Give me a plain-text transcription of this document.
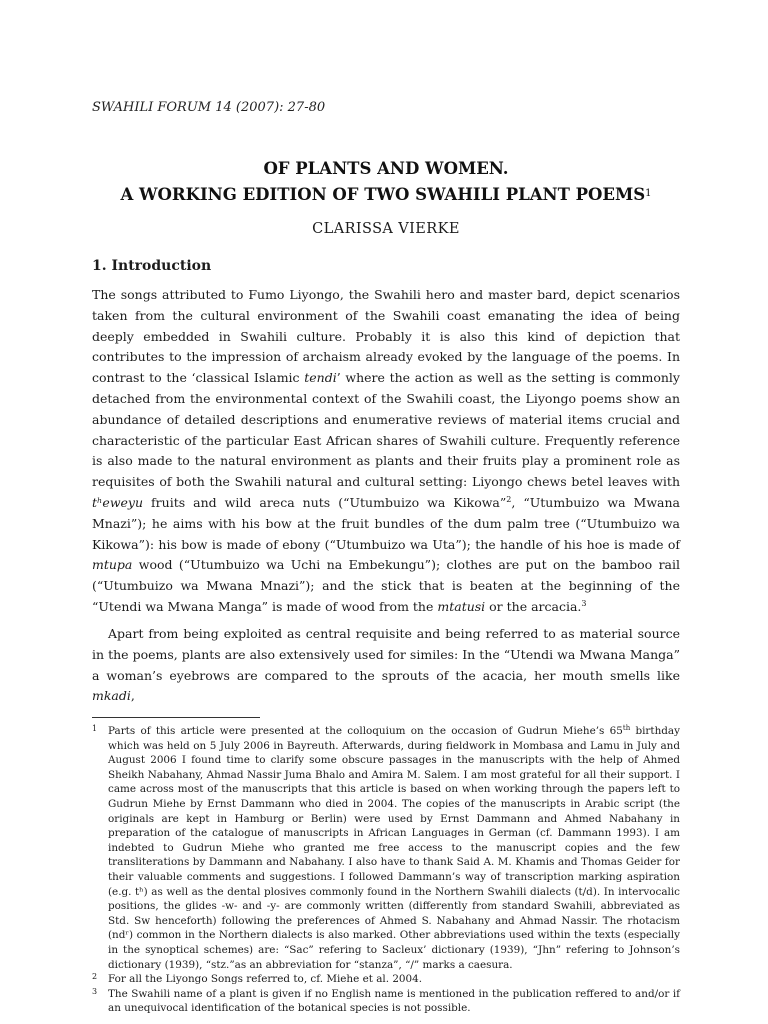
SWAHILI FORUM 14 (2007): 27-80
OF PLANTS AND WOMEN.
A WORKING EDITION OF TWO SWAHILI PLANT POEMS$^1$
CLARISSA VIERKE
1. Introduction
The songs attributed to Fumo Liyongo, the Swahili hero and master bard, depict scenarios taken from the cultural environment of the Swahili coast emanating the idea of being deeply embedded in Swahili culture. Probably it is also this kind of depiction that contributes to the impression of archaism already evoked by the language of the poems. In contrast to the ‘classical Islamic tendi’ where the action as well as the setting is commonly detached from the environmental context of the Swahili coast, the Liyongo poems show an abundance of detailed descriptions and enumerative reviews of material items crucial and characteristic of the particular East African shares of Swahili culture. Frequently reference is also made to the natural environment as plants and their fruits play a prominent role as requisites of both the Swahili natural and cultural setting: Liyongo chews betel leaves with tʰeweyu fruits and wild areca nuts (“Utumbuizo wa Kikowa”$^2$, “Utumbuizo wa Mwana Mnazi”); he aims with his bow at the fruit bundles of the dum palm tree (“Utumbuizo wa Kikowa”): his bow is made of ebony (“Utumbuizo wa Uta”); the handle of his hoe is made of mtupa wood (“Utumbuizo wa Uchi na Embekungu”); clothes are put on the bamboo rail (“Utumbuizo wa Mwana Mnazi”); and the stick that is beaten at the beginning of the “Utendi wa Mwana Manga” is made of wood from the mtatusi or the arcacia.$^3$
Apart from being exploited as central requisite and being referred to as material source in the poems, plants are also extensively used for similes: In the “Utendi wa Mwana Manga” a woman’s eyebrows are compared to the sprouts of the acacia, her mouth smells like mkadi,
1 Parts of this article were presented at the colloquium on the occasion of Gudrun Miehe’s 65th birthday which was held on 5 July 2006 in Bayreuth. Afterwards, during fieldwork in Mombasa and Lamu in July and August 2006 I found time to clarify some obscure passages in the manuscripts with the help of Ahmed Sheikh Nabahany, Ahmad Nassir Juma Bhalo and Amira M. Salem. I am most grateful for all their support. I came across most of the manuscripts that this article is based on when working through the papers left to Gudrun Miehe by Ernst Dammann who died in 2004. The copies of the manuscripts in Arabic script (the originals are kept in Hamburg or Berlin) were used by Ernst Dammann and Ahmed Nabahany in preparation of the catalogue of manuscripts in African Languages in German (cf. Dammann 1993). I am indebted to Gudrun Miehe who granted me free access to the manuscript copies and the few transliterations by Dammann and Nabahany. I also have to thank Said A. M. Khamis and Thomas Geider for their valuable comments and suggestions. I followed Dammann’s way of transcription marking aspiration (e.g. tʰ) as well as the dental plosives commonly found in the Northern Swahili dialects (t/d). In intervocalic positions, the glides -w- and -y- are commonly written (differently from standard Swahili, abbreviated as Std. Sw henceforth) following the preferences of Ahmed S. Nabahany and Ahmad Nassir. The rhotacism (ndʳ) common in the Northern dialects is also marked. Other abbreviations used within the texts (especially in the synoptical schemes) are: “Sac” refering to Sacleux’ dictionary (1939), “Jhn” refering to Johnson’s dictionary (1939), “stz.”as an abbreviation for “stanza”, “/” marks a caesura.
2 For all the Liyongo Songs referred to, cf. Miehe et al. 2004.
3 The Swahili name of a plant is given if no English name is mentioned in the publication reffered to and/or if an unequivocal identification of the botanical species is not possible.
